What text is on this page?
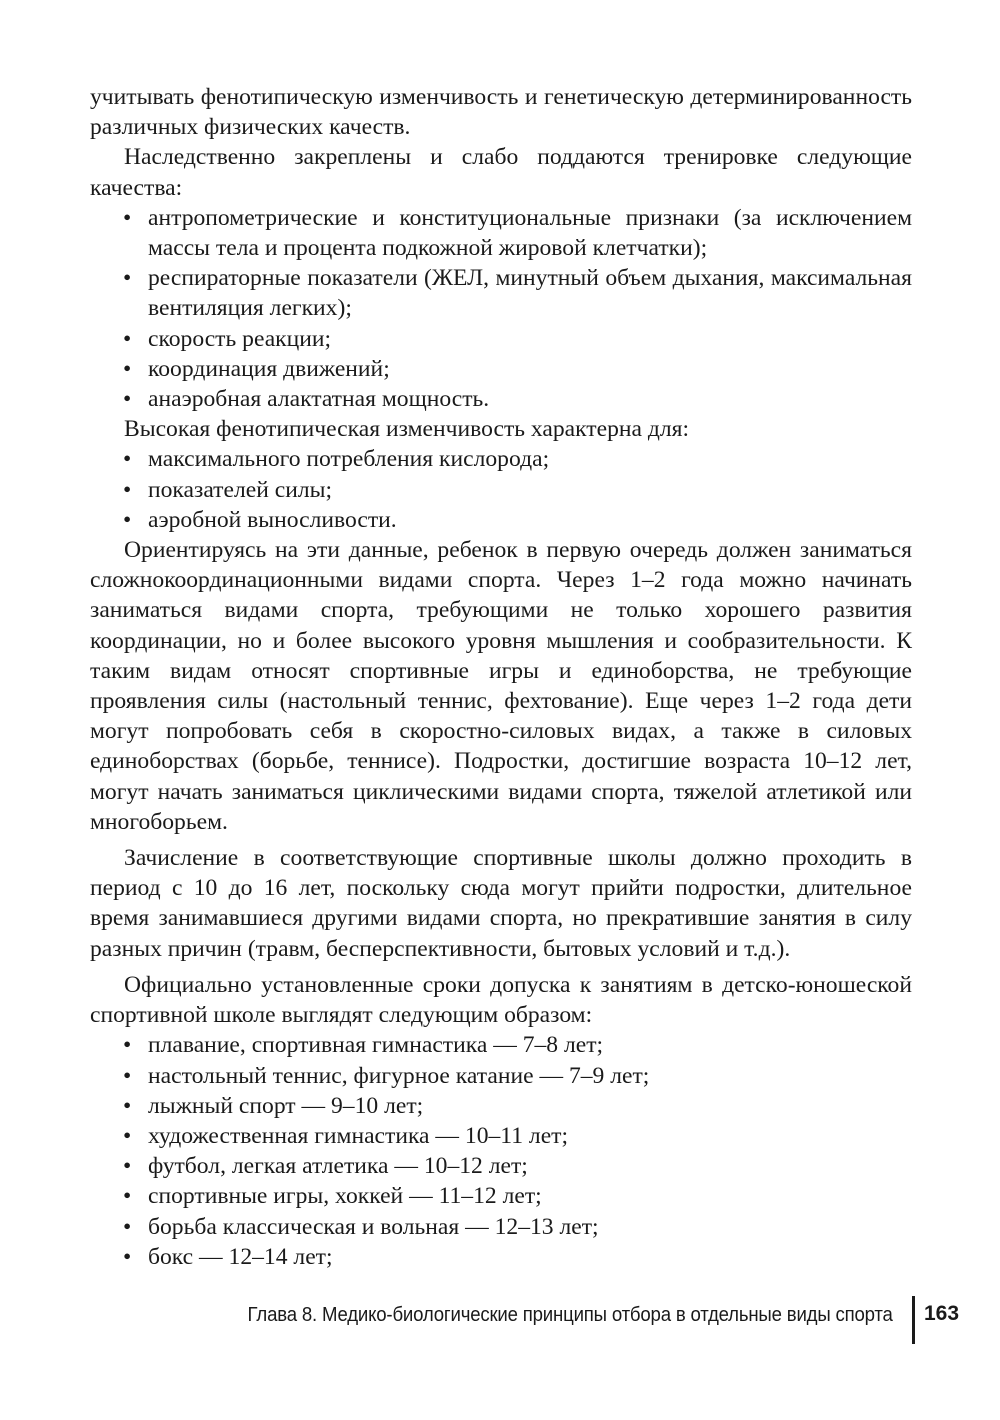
учитывать фенотипическую изменчивость и генетическую детерминированность различных физических качеств.

Наследственно закреплены и слабо поддаются тренировке следующие качества:

• антропометрические и конституциональные признаки (за исключением массы тела и процента подкожной жировой клетчатки);
• респираторные показатели (ЖЕЛ, минутный объем дыхания, максимальная вентиляция легких);
• скорость реакции;
• координация движений;
• анаэробная алактатная мощность.

Высокая фенотипическая изменчивость характерна для:

• максимального потребления кислорода;
• показателей силы;
• аэробной выносливости.

Ориентируясь на эти данные, ребенок в первую очередь должен заниматься сложнокоординационными видами спорта. Через 1–2 года можно начинать заниматься видами спорта, требующими не только хорошего развития координации, но и более высокого уровня мышления и сообразительности. К таким видам относят спортивные игры и единоборства, не требующие проявления силы (настольный теннис, фехтование). Еще через 1–2 года дети могут попробовать себя в скоростно-силовых видах, а также в силовых единоборствах (борьбе, теннисе). Подростки, достигшие возраста 10–12 лет, могут начать заниматься циклическими видами спорта, тяжелой атлетикой или многоборьем.

Зачисление в соответствующие спортивные школы должно проходить в период с 10 до 16 лет, поскольку сюда могут прийти подростки, длительное время занимавшиеся другими видами спорта, но прекратившие занятия в силу разных причин (травм, бесперспективности, бытовых условий и т.д.).

Официально установленные сроки допуска к занятиям в детско-юношеской спортивной школе выглядят следующим образом:

• плавание, спортивная гимнастика — 7–8 лет;
• настольный теннис, фигурное катание — 7–9 лет;
• лыжный спорт — 9–10 лет;
• художественная гимнастика — 10–11 лет;
• футбол, легкая атлетика — 10–12 лет;
• спортивные игры, хоккей — 11–12 лет;
• борьба классическая и вольная — 12–13 лет;
• бокс — 12–14 лет;
Глава 8. Медико-биологические принципы отбора в отдельные виды спорта 163
